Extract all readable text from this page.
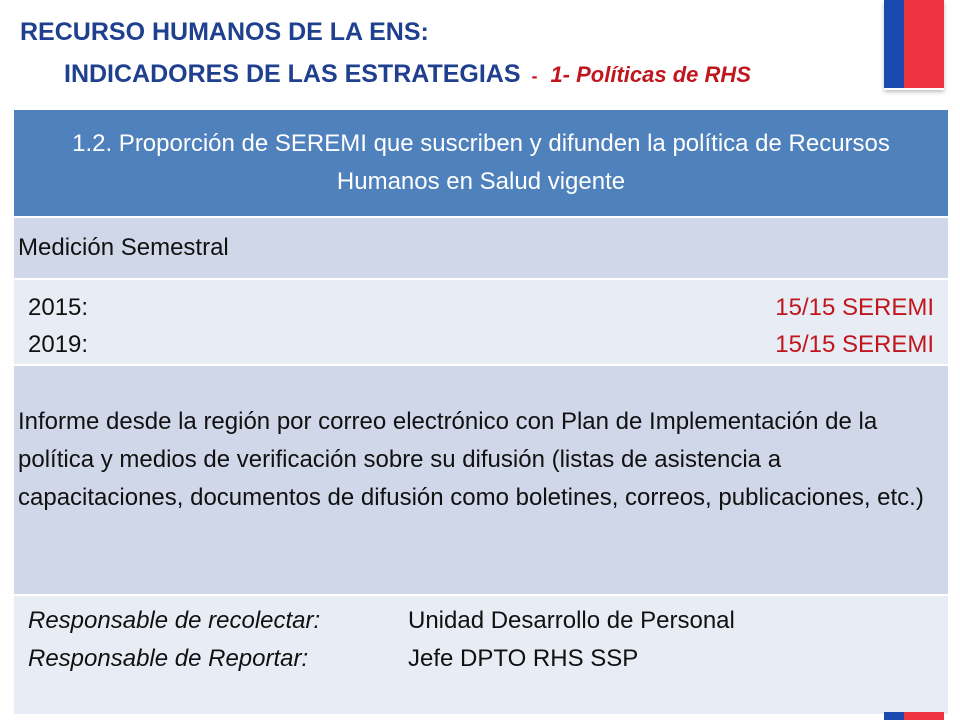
RECURSO HUMANOS DE LA ENS:
INDICADORES DE LAS ESTRATEGIAS - 1- Políticas de RHS
1.2. Proporción de SEREMI que suscriben y difunden la política de Recursos Humanos en Salud vigente
Medición Semestral
2015:	15/15 SEREMI
2019:	15/15 SEREMI
Informe desde la región por correo electrónico con Plan de Implementación de la política y medios de verificación sobre su difusión (listas de asistencia a capacitaciones, documentos de difusión como boletines, correos, publicaciones, etc.)
Responsable de recolectar:	Unidad Desarrollo de Personal
Responsable de Reportar:	Jefe DPTO RHS SSP
